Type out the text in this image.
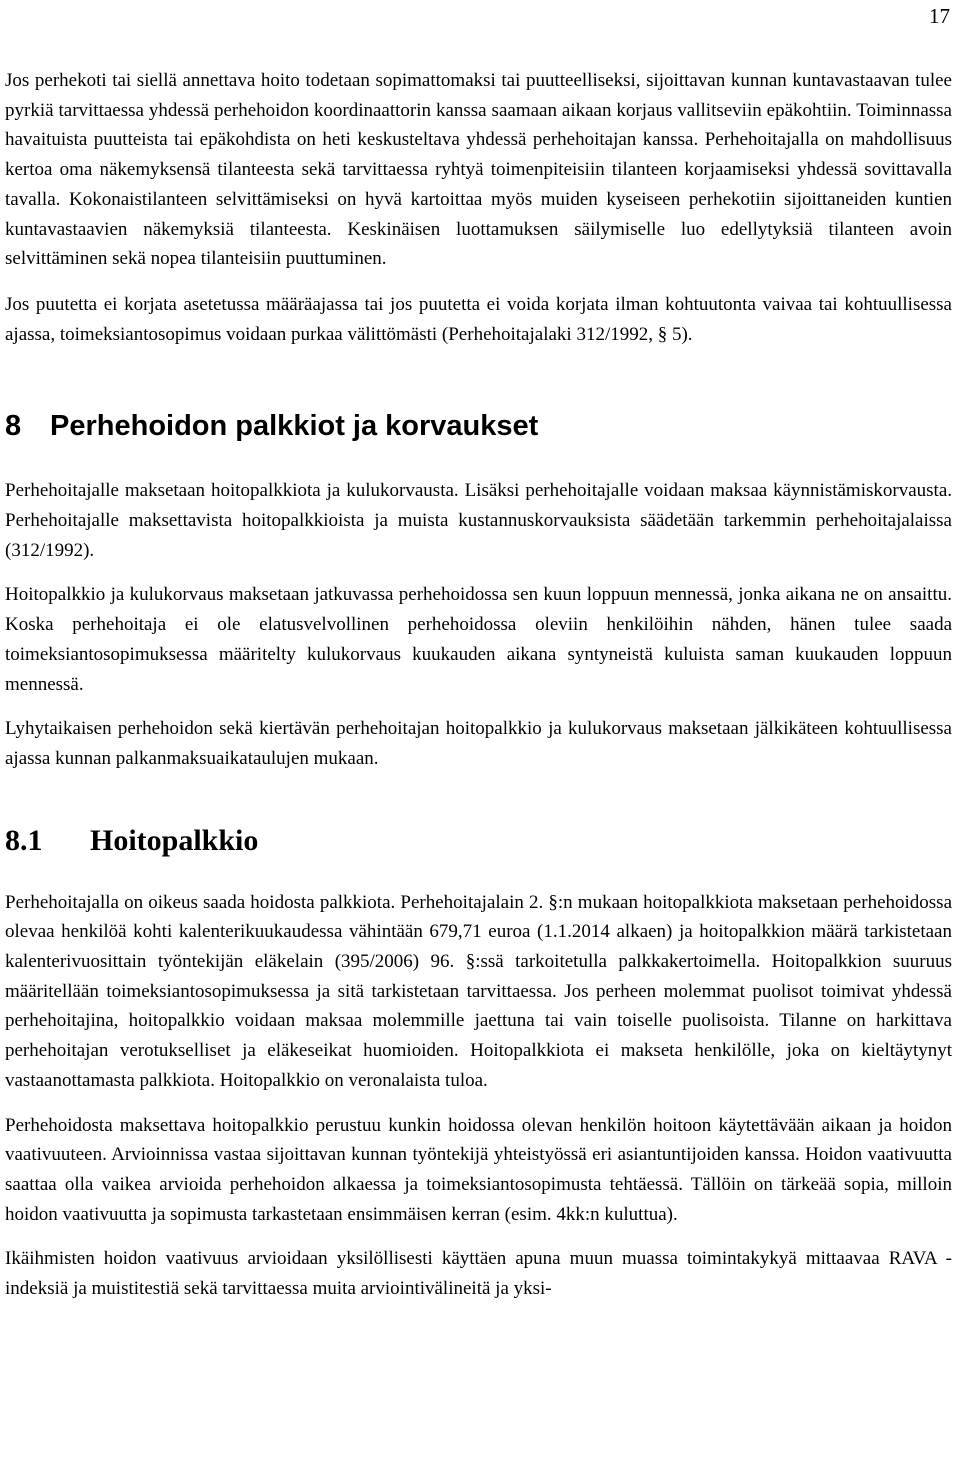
17

Jos perhekoti tai siellä annettava hoito todetaan sopimattomaksi tai puutteelliseksi, sijoittavan kunnan kuntavastaavan tulee pyrkiä tarvittaessa yhdessä perhehoidon koordinaattorin kanssa saamaan aikaan korjaus vallitseviin epäkohtiin. Toiminnassa havaituista puutteista tai epäkohdista on heti keskusteltava yhdessä perhehoitajan kanssa. Perhehoitajalla on mahdollisuus kertoa oma näkemyksensä tilanteesta sekä tarvittaessa ryhtyä toimenpiteisiin tilanteen korjaamiseksi yhdessä sovittavalla tavalla. Kokonaistilanteen selvittämiseksi on hyvä kartoittaa myös muiden kyseiseen perhekotiin sijoittaneiden kuntien kuntavastaavien näkemyksiä tilanteesta. Keskinäisen luottamuksen säilymiselle luo edellytyksiä tilanteen avoin selvittäminen sekä nopea tilanteisiin puuttuminen.

Jos puutetta ei korjata asetetussa määräajassa tai jos puutetta ei voida korjata ilman kohtuutonta vaivaa tai kohtuullisessa ajassa, toimeksiantosopimus voidaan purkaa välittömästi (Perhehoitajalaki 312/1992, § 5).

8 Perhehoidon palkkiot ja korvaukset

Perhehoitajalle maksetaan hoitopalkkiota ja kulukorvausta. Lisäksi perhehoitajalle voidaan maksaa käynnistämiskorvausta. Perhehoitajalle maksettavista hoitopalkkioista ja muista kustannuskorvauksista säädetään tarkemmin perhehoitajalaissa (312/1992).

Hoitopalkkio ja kulukorvaus maksetaan jatkuvassa perhehoidossa sen kuun loppuun mennessä, jonka aikana ne on ansaittu. Koska perhehoitaja ei ole elatusvelvollinen perhehoidossa oleviin henkilöihin nähden, hänen tulee saada toimeksiantosopimuksessa määritelty kulukorvaus kuukauden aikana syntyneistä kuluista saman kuukauden loppuun mennessä.

Lyhytaikaisen perhehoidon sekä kiertävän perhehoitajan hoitopalkkio ja kulukorvaus maksetaan jälkikäteen kohtuullisessa ajassa kunnan palkanmaksuaikataulujen mukaan.

8.1 Hoitopalkkio

Perhehoitajalla on oikeus saada hoidosta palkkiota. Perhehoitajalain 2. §:n mukaan hoitopalkkiota maksetaan perhehoidossa olevaa henkilöä kohti kalenterikuukaudessa vähintään 679,71 euroa (1.1.2014 alkaen) ja hoitopalkkion määrä tarkistetaan kalenterivuosittain työntekijän eläkelain (395/2006) 96. §:ssä tarkoitetulla palkkakertoimella. Hoitopalkkion suuruus määritellään toimeksiantosopimuksessa ja sitä tarkistetaan tarvittaessa. Jos perheen molemmat puolisot toimivat yhdessä perhehoitajina, hoitopalkkio voidaan maksaa molemmille jaettuna tai vain toiselle puolisoista. Tilanne on harkittava perhehoitajan verotukselliset ja eläkeseikat huomioiden. Hoitopalkkiota ei makseta henkilölle, joka on kieltäytynyt vastaanottamasta palkkiota. Hoitopalkkio on veronalaista tuloa.

Perhehoidosta maksettava hoitopalkkio perustuu kunkin hoidossa olevan henkilön hoitoon käytettävään aikaan ja hoidon vaativuuteen. Arvioinnissa vastaa sijoittavan kunnan työntekijä yhteistyössä eri asiantuntijoiden kanssa. Hoidon vaativuutta saattaa olla vaikea arvioida perhehoidon alkaessa ja toimeksiantosopimusta tehtäessä. Tällöin on tärkeää sopia, milloin hoidon vaativuutta ja sopimusta tarkastetaan ensimmäisen kerran (esim. 4kk:n kuluttua).

Ikäihmisten hoidon vaativuus arvioidaan yksilöllisesti käyttäen apuna muun muassa toimintakykyä mittaavaa RAVA -indeksiä ja muistitestiä sekä tarvittaessa muita arviointivälineitä ja yksi-
